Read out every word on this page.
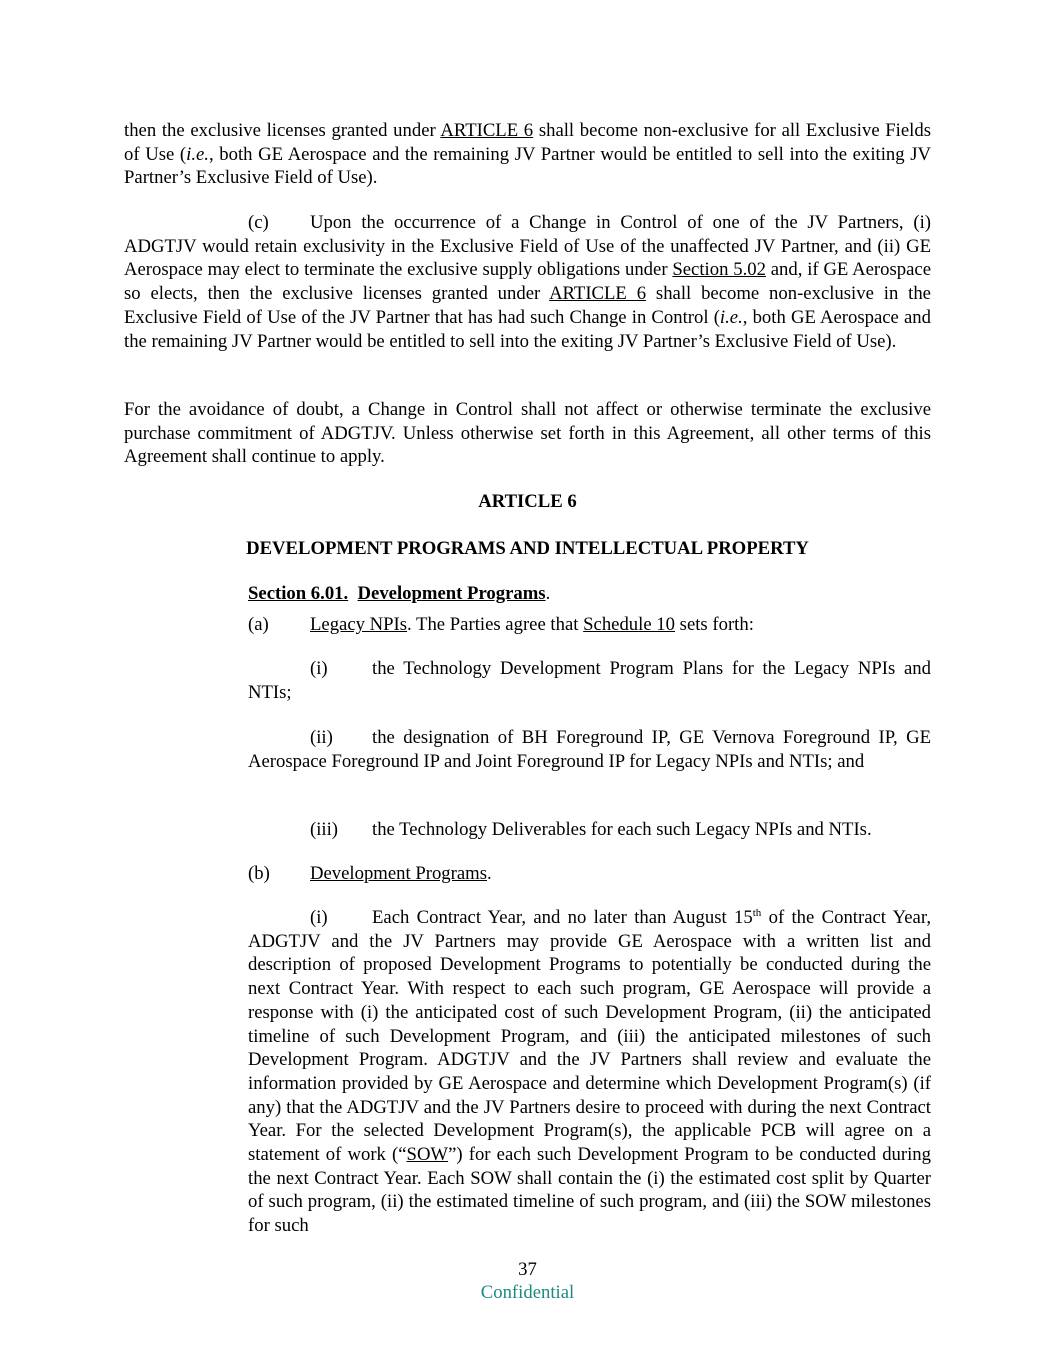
then the exclusive licenses granted under ARTICLE 6 shall become non-exclusive for all Exclusive Fields of Use (i.e., both GE Aerospace and the remaining JV Partner would be entitled to sell into the exiting JV Partner’s Exclusive Field of Use).

(c) Upon the occurrence of a Change in Control of one of the JV Partners, (i) ADGTJV would retain exclusivity in the Exclusive Field of Use of the unaffected JV Partner, and (ii) GE Aerospace may elect to terminate the exclusive supply obligations under Section 5.02 and, if GE Aerospace so elects, then the exclusive licenses granted under ARTICLE 6 shall become non-exclusive in the Exclusive Field of Use of the JV Partner that has had such Change in Control (i.e., both GE Aerospace and the remaining JV Partner would be entitled to sell into the exiting JV Partner’s Exclusive Field of Use).

For the avoidance of doubt, a Change in Control shall not affect or otherwise terminate the exclusive purchase commitment of ADGTJV. Unless otherwise set forth in this Agreement, all other terms of this Agreement shall continue to apply.

ARTICLE 6

DEVELOPMENT PROGRAMS AND INTELLECTUAL PROPERTY

Section 6.01. Development Programs.

(a) Legacy NPIs. The Parties agree that Schedule 10 sets forth:

(i) the Technology Development Program Plans for the Legacy NPIs and NTIs;

(ii) the designation of BH Foreground IP, GE Vernova Foreground IP, GE Aerospace Foreground IP and Joint Foreground IP for Legacy NPIs and NTIs; and

(iii) the Technology Deliverables for each such Legacy NPIs and NTIs.

(b) Development Programs.

(i) Each Contract Year, and no later than August 15th of the Contract Year, ADGTJV and the JV Partners may provide GE Aerospace with a written list and description of proposed Development Programs to potentially be conducted during the next Contract Year. With respect to each such program, GE Aerospace will provide a response with (i) the anticipated cost of such Development Program, (ii) the anticipated timeline of such Development Program, and (iii) the anticipated milestones of such Development Program. ADGTJV and the JV Partners shall review and evaluate the information provided by GE Aerospace and determine which Development Program(s) (if any) that the ADGTJV and the JV Partners desire to proceed with during the next Contract Year. For the selected Development Program(s), the applicable PCB will agree on a statement of work (“SOW”) for each such Development Program to be conducted during the next Contract Year. Each SOW shall contain the (i) the estimated cost split by Quarter of such program, (ii) the estimated timeline of such program, and (iii) the SOW milestones for such

37

Confidential
